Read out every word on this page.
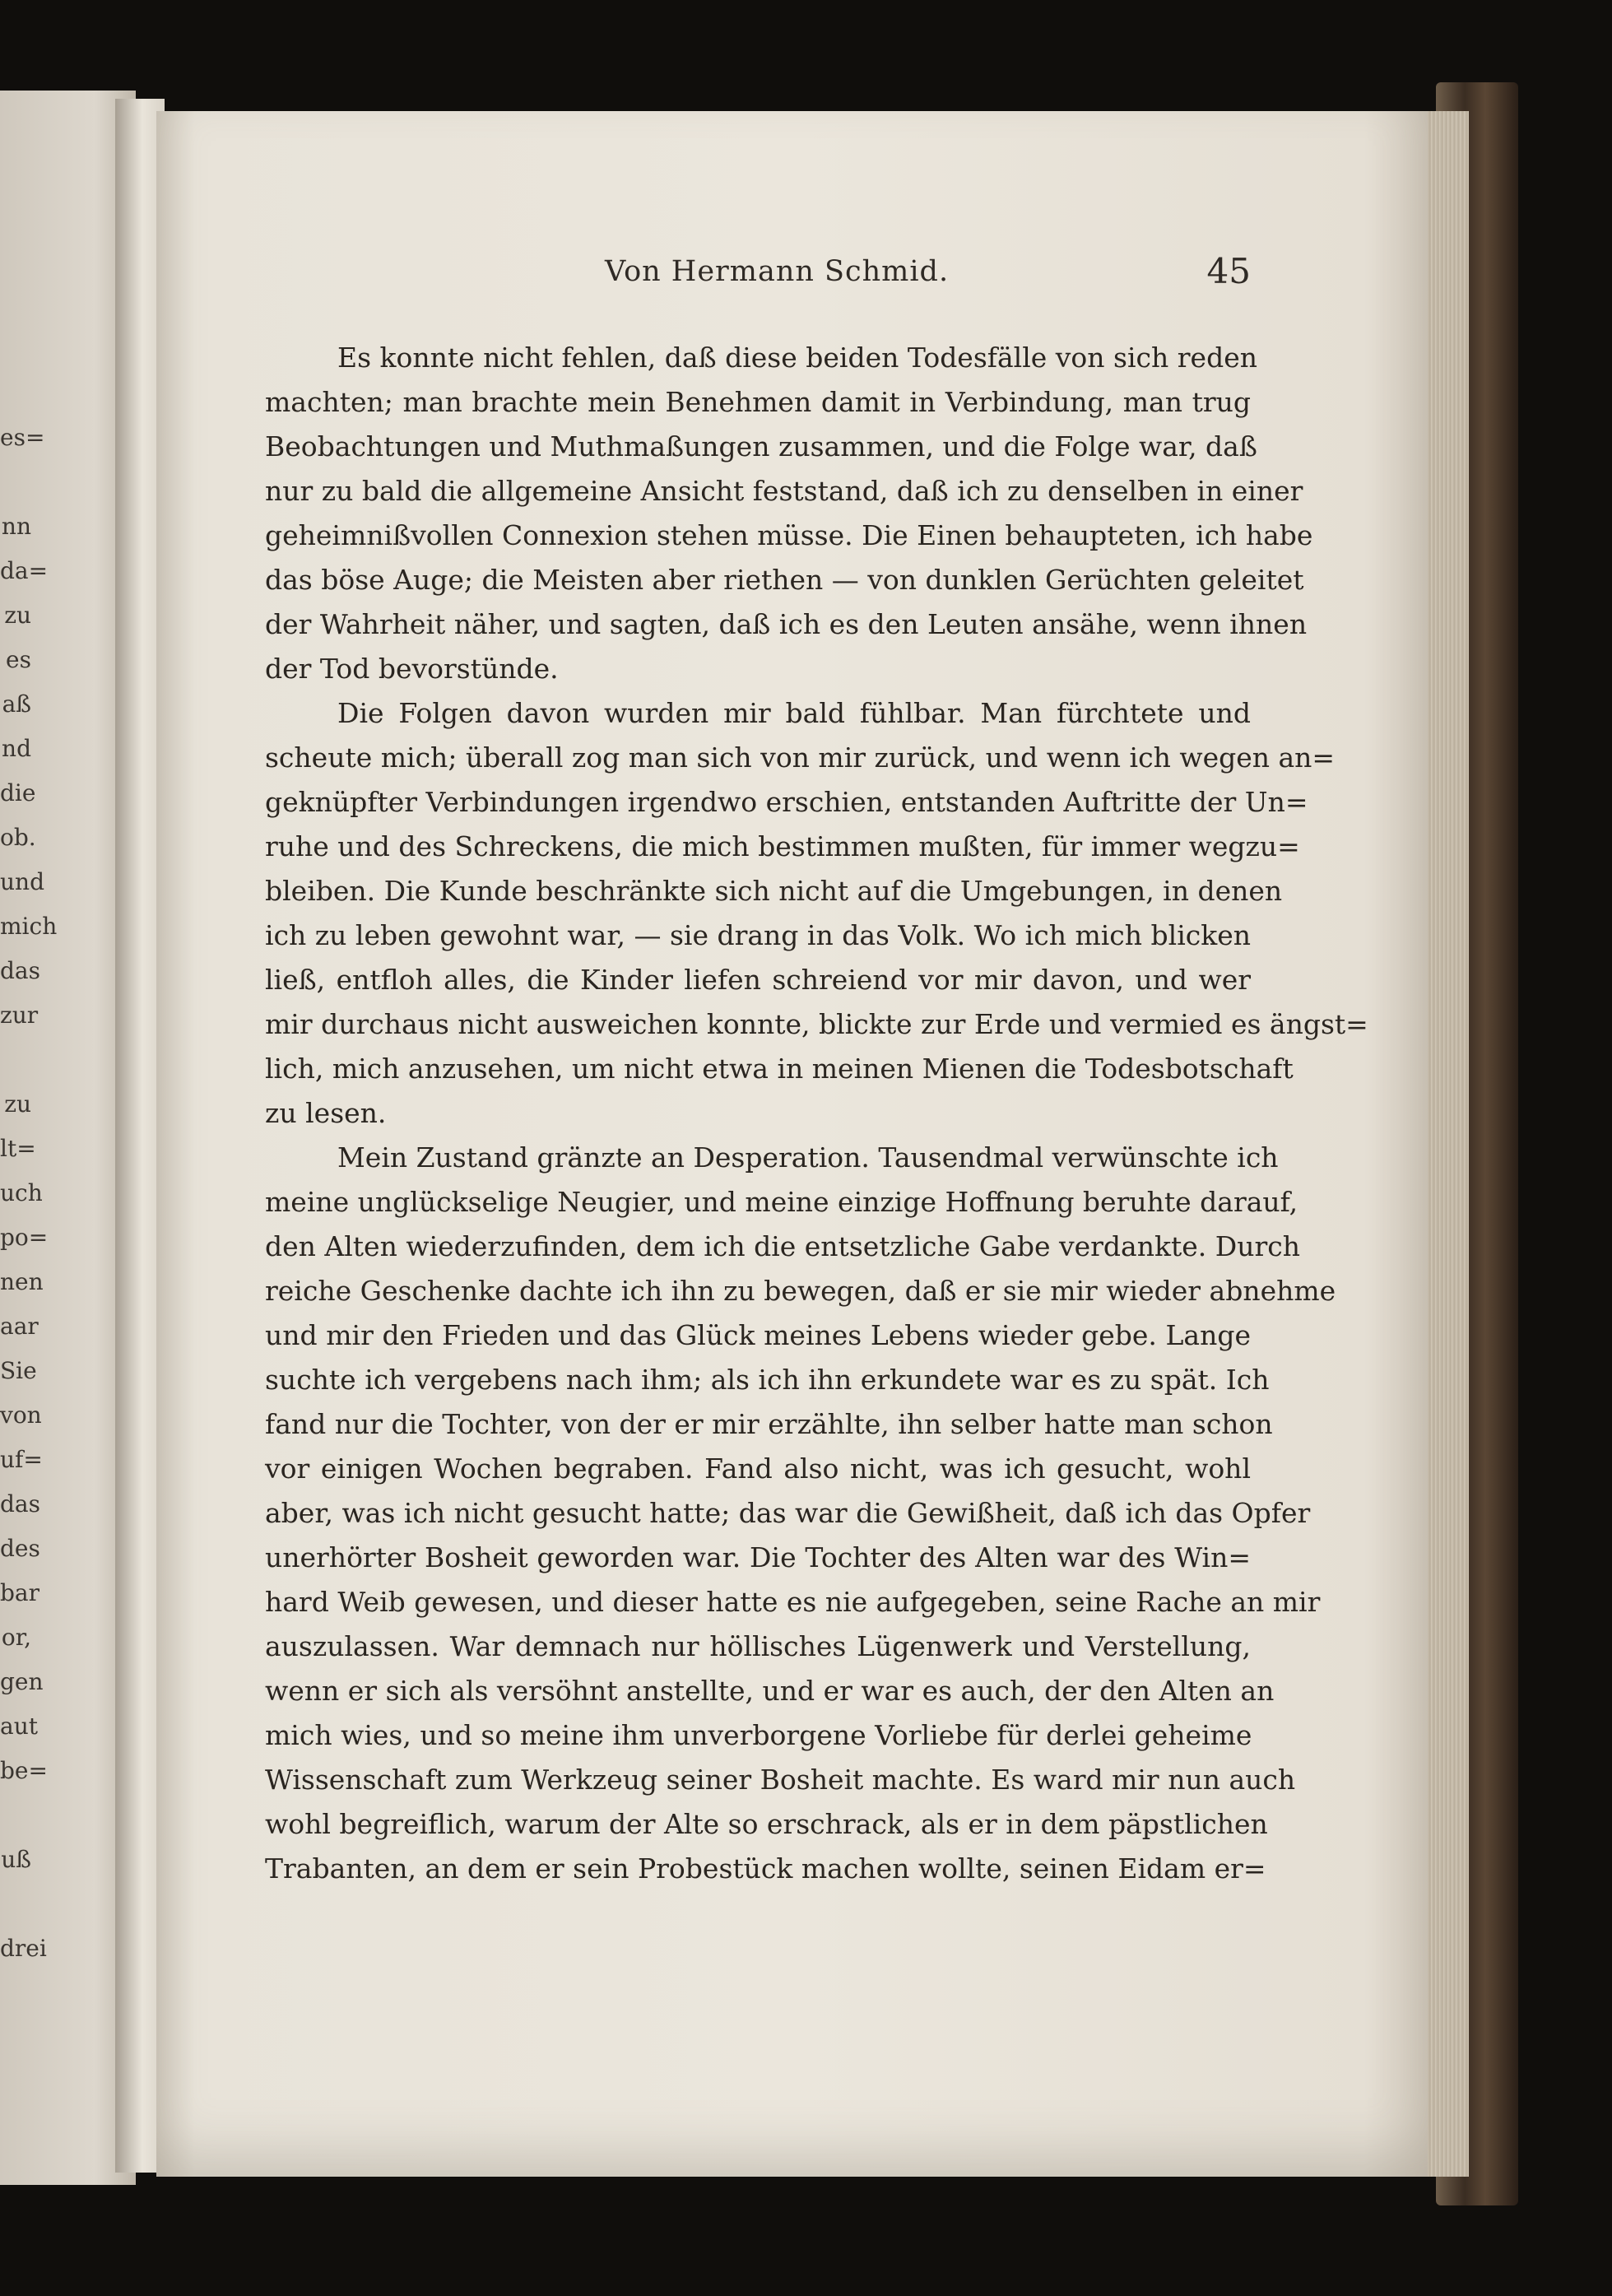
es=
nn
da=
zu
es
aß
nd
die
ob.
und
mich
das
zur
zu
lt=
uch
po=
nen
aar
Sie
von
uf=
das
des
bar
or,
gen
aut
be=
uß
drei
Von Hermann Schmid.	45
Es konnte nicht fehlen, daß diese beiden Todesfälle von sich reden
machten; man brachte mein Benehmen damit in Verbindung, man trug
Beobachtungen und Muthmaßungen zusammen, und die Folge war, daß
nur zu bald die allgemeine Ansicht feststand, daß ich zu denselben in einer
geheimnißvollen Connexion stehen müsse. Die Einen behaupteten, ich habe
das böse Auge; die Meisten aber riethen — von dunklen Gerüchten geleitet
der Wahrheit näher, und sagten, daß ich es den Leuten ansähe, wenn ihnen
der Tod bevorstünde.
Die Folgen davon wurden mir bald fühlbar. Man fürchtete und
scheute mich; überall zog man sich von mir zurück, und wenn ich wegen an=
geknüpfter Verbindungen irgendwo erschien, entstanden Auftritte der Un=
ruhe und des Schreckens, die mich bestimmen mußten, für immer wegzu=
bleiben. Die Kunde beschränkte sich nicht auf die Umgebungen, in denen
ich zu leben gewohnt war, — sie drang in das Volk. Wo ich mich blicken
ließ, entfloh alles, die Kinder liefen schreiend vor mir davon, und wer
mir durchaus nicht ausweichen konnte, blickte zur Erde und vermied es ängst=
lich, mich anzusehen, um nicht etwa in meinen Mienen die Todesbotschaft
zu lesen.
Mein Zustand gränzte an Desperation. Tausendmal verwünschte ich
meine unglückselige Neugier, und meine einzige Hoffnung beruhte darauf,
den Alten wiederzufinden, dem ich die entsetzliche Gabe verdankte. Durch
reiche Geschenke dachte ich ihn zu bewegen, daß er sie mir wieder abnehme
und mir den Frieden und das Glück meines Lebens wieder gebe. Lange
suchte ich vergebens nach ihm; als ich ihn erkundete war es zu spät. Ich
fand nur die Tochter, von der er mir erzählte, ihn selber hatte man schon
vor einigen Wochen begraben. Fand also nicht, was ich gesucht, wohl
aber, was ich nicht gesucht hatte; das war die Gewißheit, daß ich das Opfer
unerhörter Bosheit geworden war. Die Tochter des Alten war des Win=
hard Weib gewesen, und dieser hatte es nie aufgegeben, seine Rache an mir
auszulassen. War demnach nur höllisches Lügenwerk und Verstellung,
wenn er sich als versöhnt anstellte, und er war es auch, der den Alten an
mich wies, und so meine ihm unverborgene Vorliebe für derlei geheime
Wissenschaft zum Werkzeug seiner Bosheit machte. Es ward mir nun auch
wohl begreiflich, warum der Alte so erschrack, als er in dem päpstlichen
Trabanten, an dem er sein Probestück machen wollte, seinen Eidam er=
